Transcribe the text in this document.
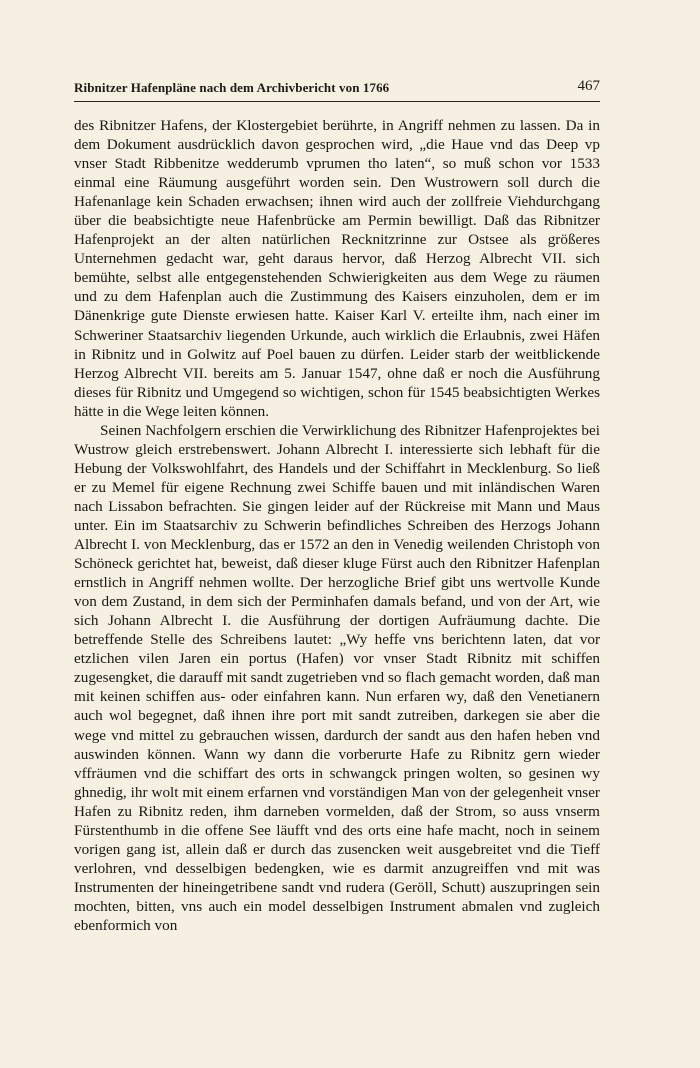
Ribnitzer Hafenpläne nach dem Archivbericht von 1766	467

des Ribnitzer Hafens, der Klostergebiet berührte, in Angriff nehmen zu lassen. Da in dem Dokument ausdrücklich davon gesprochen wird, „die Haue vnd das Deep vp vnser Stadt Ribbenitze wedderumb vprumen tho laten“, so muß schon vor 1533 einmal eine Räumung ausgeführt worden sein. Den Wustrowern soll durch die Hafenanlage kein Schaden erwachsen; ihnen wird auch der zollfreie Viehdurchgang über die beabsichtigte neue Hafenbrücke am Permin bewilligt. Daß das Ribnitzer Hafenprojekt an der alten natürlichen Recknitzrinne zur Ostsee als größeres Unternehmen gedacht war, geht daraus hervor, daß Herzog Albrecht VII. sich bemühte, selbst alle entgegenstehenden Schwierigkeiten aus dem Wege zu räumen und zu dem Hafenplan auch die Zustimmung des Kaisers einzuholen, dem er im Dänenkrige gute Dienste erwiesen hatte. Kaiser Karl V. erteilte ihm, nach einer im Schweriner Staatsarchiv liegenden Urkunde, auch wirklich die Erlaubnis, zwei Häfen in Ribnitz und in Golwitz auf Poel bauen zu dürfen. Leider starb der weitblickende Herzog Albrecht VII. bereits am 5. Januar 1547, ohne daß er noch die Ausführung dieses für Ribnitz und Umgegend so wichtigen, schon für 1545 beabsichtigten Werkes hätte in die Wege leiten können.

Seinen Nachfolgern erschien die Verwirklichung des Ribnitzer Hafenprojektes bei Wustrow gleich erstrebenswert. Johann Albrecht I. interessierte sich lebhaft für die Hebung der Volkswohlfahrt, des Handels und der Schiffahrt in Mecklenburg. So ließ er zu Memel für eigene Rechnung zwei Schiffe bauen und mit inländischen Waren nach Lissabon befrachten. Sie gingen leider auf der Rückreise mit Mann und Maus unter. Ein im Staatsarchiv zu Schwerin befindliches Schreiben des Herzogs Johann Albrecht I. von Mecklenburg, das er 1572 an den in Venedig weilenden Christoph von Schöneck gerichtet hat, beweist, daß dieser kluge Fürst auch den Ribnitzer Hafenplan ernstlich in Angriff nehmen wollte. Der herzogliche Brief gibt uns wertvolle Kunde von dem Zustand, in dem sich der Perminhafen damals befand, und von der Art, wie sich Johann Albrecht I. die Ausführung der dortigen Aufräumung dachte. Die betreffende Stelle des Schreibens lautet: „Wy heffe vns berichtenn laten, dat vor etzlichen vilen Jaren ein portus (Hafen) vor vnser Stadt Ribnitz mit schiffen zugesengket, die darauff mit sandt zugetrieben vnd so flach gemacht worden, daß man mit keinen schiffen aus- oder einfahren kann. Nun erfaren wy, daß den Venetianern auch wol begegnet, daß ihnen ihre port mit sandt zutreiben, darkegen sie aber die wege vnd mittel zu gebrauchen wissen, dardurch der sandt aus den hafen heben vnd auswinden können. Wann wy dann die vorberurte Hafe zu Ribnitz gern wieder vffräumen vnd die schiffart des orts in schwangck pringen wolten, so gesinen wy ghnedig, ihr wolt mit einem erfarnen vnd vorständigen Man von der gelegenheit vnser Hafen zu Ribnitz reden, ihm darneben vormelden, daß der Strom, so auss vnserm Fürstenthumb in die offene See läufft vnd des orts eine hafe macht, noch in seinem vorigen gang ist, allein daß er durch das zusencken weit ausgebreitet vnd die Tieff verlohren, vnd desselbigen bedengken, wie es darmit anzugreiffen vnd mit was Instrumenten der hineingetribene sandt vnd rudera (Geröll, Schutt) auszupringen sein mochten, bitten, vns auch ein model desselbigen Instrument abmalen vnd zugleich ebenformich von
